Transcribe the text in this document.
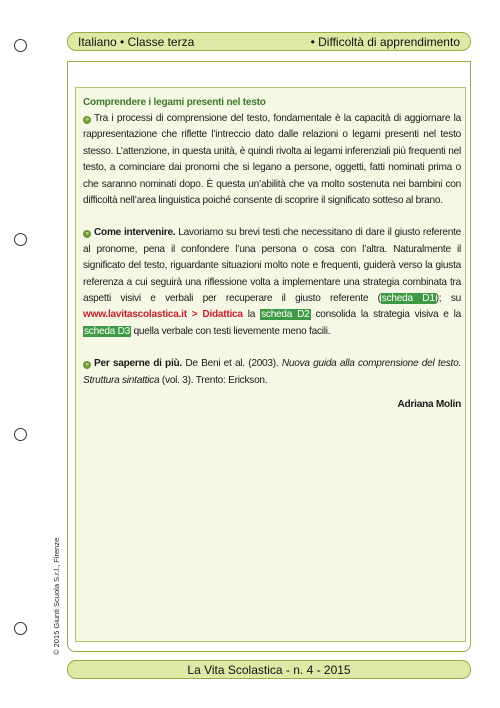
Italiano • Classe terza	• Difficoltà di apprendimento
Comprendere i legami presenti nel testo

» Tra i processi di comprensione del testo, fondamentale è la capacità di aggiornare la rappresentazione che riflette l’intreccio dato dalle relazioni o legami presenti nel testo stesso. L’attenzione, in questa unità, è quindi rivolta ai legami inferenziali più frequenti nel testo, a cominciare dai pronomi che si legano a persone, oggetti, fatti nominati prima o che saranno nominati dopo. È questa un’abilità che va molto sostenuta nei bambini con difficoltà nell’area linguistica poiché consente di scoprire il significato sotteso al brano.

» Come intervenire. Lavoriamo su brevi testi che necessitano di dare il giusto referente al pronome, pena il confondere l’una persona o cosa con l’altra. Naturalmente il significato del testo, riguardante situazioni molto note e frequenti, guiderà verso la giusta referenza a cui seguirà una riflessione volta a implementare una strategia combinata tra aspetti visivi e verbali per recuperare il giusto referente (scheda D1); su www.lavitascolastica.it > Didattica la scheda D2 consolida la strategia visiva e la scheda D3 quella verbale con testi lievemente meno facili.

» Per saperne di più. De Beni et al. (2003). Nuova guida alla comprensione del testo. Struttura sintattica (vol. 3). Trento: Erickson.

Adriana Molin
© 2015 Giunti Scuola S.r.l., Firenze
La Vita Scolastica - n. 4 - 2015
